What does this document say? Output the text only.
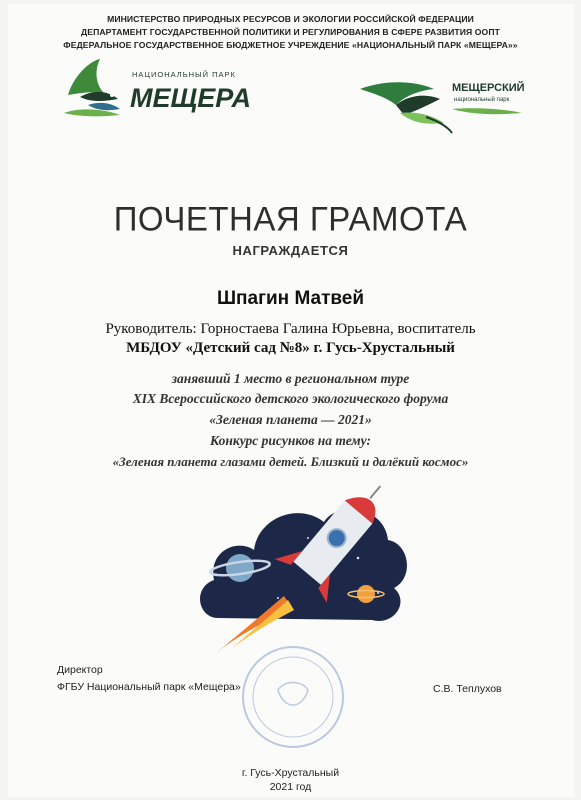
МИНИСТЕРСТВО ПРИРОДНЫХ РЕСУРСОВ И ЭКОЛОГИИ РОССИЙСКОЙ ФЕДЕРАЦИИ
ДЕПАРТАМЕНТ ГОСУДАРСТВЕННОЙ ПОЛИТИКИ И РЕГУЛИРОВАНИЯ В СФЕРЕ РАЗВИТИЯ ООПТ
ФЕДЕРАЛЬНОЕ ГОСУДАРСТВЕННОЕ БЮДЖЕТНОЕ УЧРЕЖДЕНИЕ «НАЦИОНАЛЬНЫЙ ПАРК «МЕЩЕРА»»
НАЦИОНАЛЬНЫЙ ПАРК
МЕЩЕРА	МЕЩЕРСКИЙ
национальный парк
ПОЧЕТНАЯ ГРАМОТА
НАГРАЖДАЕТСЯ
Шпагин Матвей
Руководитель: Горностаева Галина Юрьевна, воспитатель
МБДОУ «Детский сад №8» г. Гусь-Хрустальный
занявший 1 место в региональном туре
XIX Всероссийского детского экологического форума
«Зеленая планета — 2021»
Конкурс рисунков на тему:
«Зеленая планета глазами детей. Близкий и далёкий космос»
Директор
ФГБУ Национальный парк «Мещера»	С.В. Теплухов
г. Гусь-Хрустальный
2021 год
